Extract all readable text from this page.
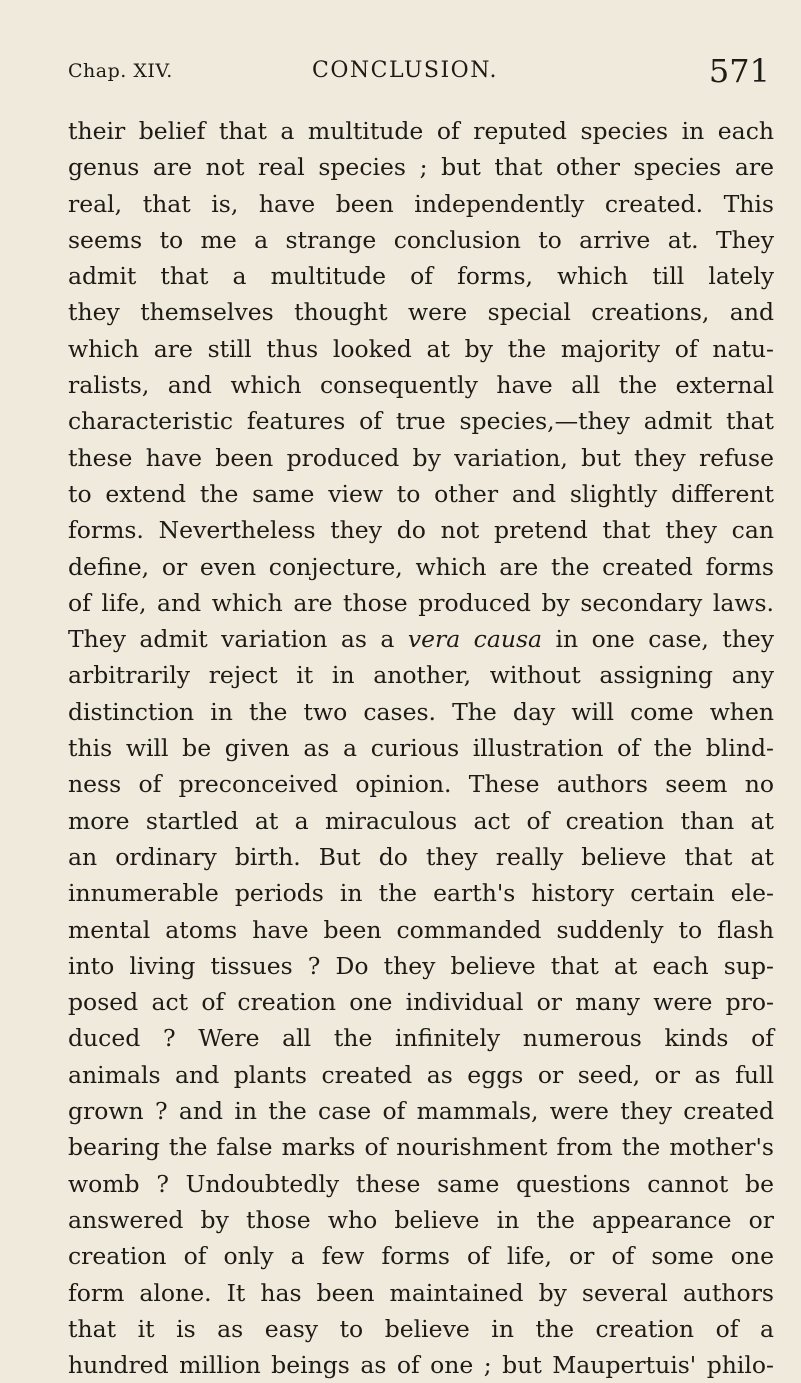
Chap. XIV.	CONCLUSION.	571
their belief that a multitude of reputed species in each
genus are not real species ; but that other species are
real, that is, have been independently created. This
seems to me a strange conclusion to arrive at. They
admit that a multitude of forms, which till lately
they themselves thought were special creations, and
which are still thus looked at by the majority of natu-
ralists, and which consequently have all the external
characteristic features of true species,—they admit that
these have been produced by variation, but they refuse
to extend the same view to other and slightly different
forms. Nevertheless they do not pretend that they can
define, or even conjecture, which are the created forms
of life, and which are those produced by secondary laws.
They admit variation as a vera causa in one case, they
arbitrarily reject it in another, without assigning any
distinction in the two cases. The day will come when
this will be given as a curious illustration of the blind-
ness of preconceived opinion. These authors seem no
more startled at a miraculous act of creation than at
an ordinary birth. But do they really believe that at
innumerable periods in the earth's history certain ele-
mental atoms have been commanded suddenly to flash
into living tissues ? Do they believe that at each sup-
posed act of creation one individual or many were pro-
duced ? Were all the infinitely numerous kinds of
animals and plants created as eggs or seed, or as full
grown ? and in the case of mammals, were they created
bearing the false marks of nourishment from the mother's
womb ? Undoubtedly these same questions cannot be
answered by those who believe in the appearance or
creation of only a few forms of life, or of some one
form alone. It has been maintained by several authors
that it is as easy to believe in the creation of a
hundred million beings as of one ; but Maupertuis' philo-
